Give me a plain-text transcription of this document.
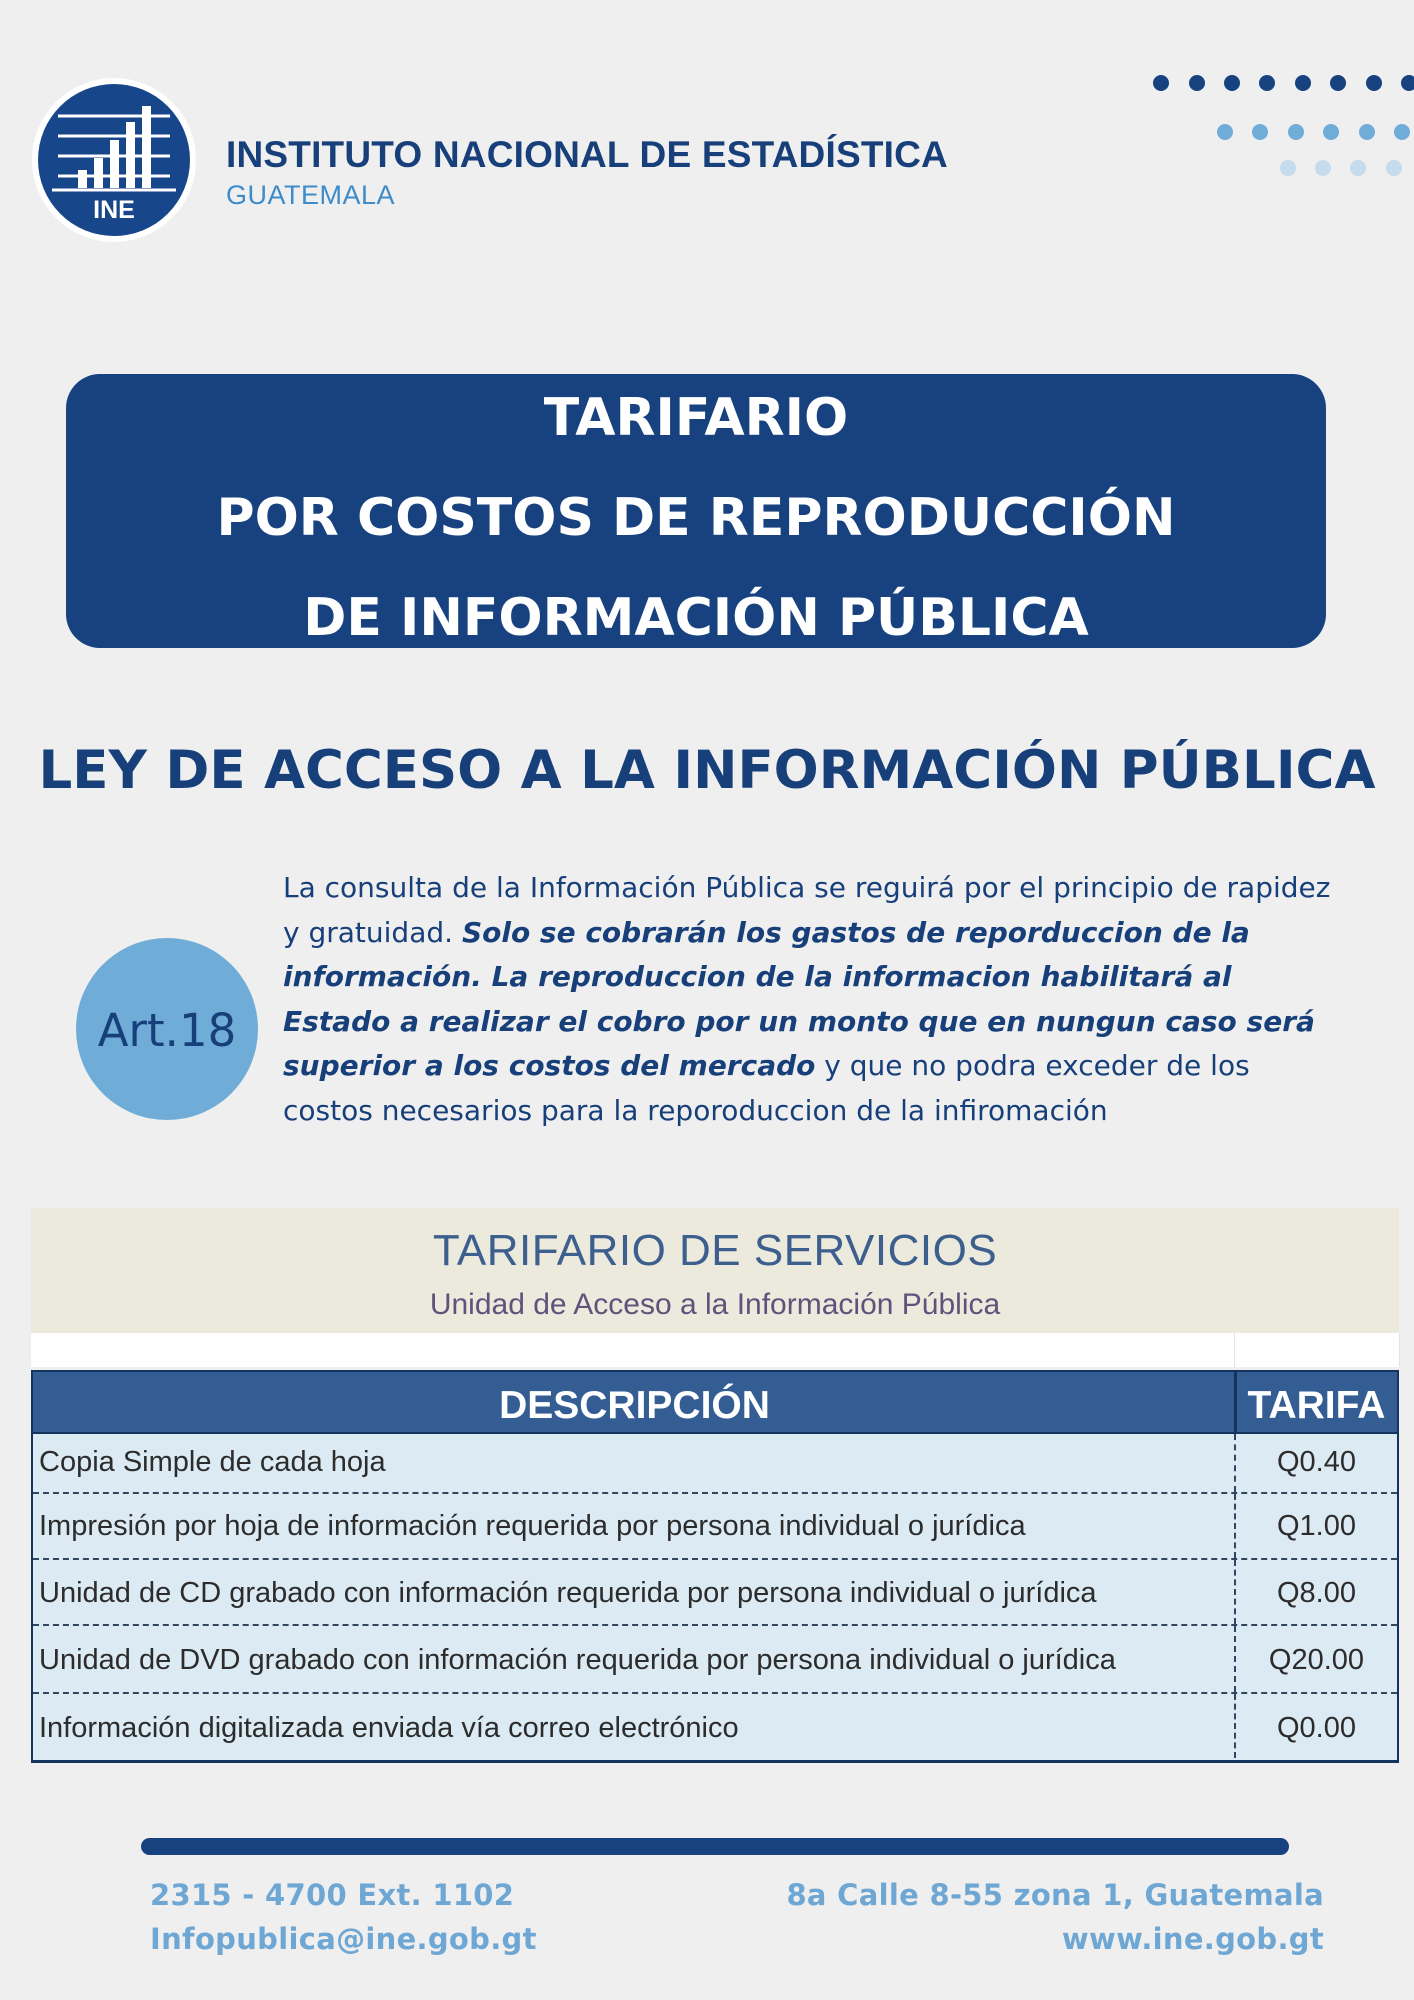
INE
INSTITUTO NACIONAL DE ESTADÍSTICA
GUATEMALA
TARIFARIO
POR COSTOS DE REPRODUCCIÓN
DE INFORMACIÓN PÚBLICA
LEY DE ACCESO A LA INFORMACIÓN PÚBLICA
Art.18
La consulta de la Información Pública se reguirá por el principio de rapidez y gratuidad. Solo se cobrarán los gastos de reporduccion de la información. La reproduccion de la informacion habilitará al Estado a realizar el cobro por un monto que en nungun caso será superior a los costos del mercado y que no podra exceder de los costos necesarios para la reporoduccion de la infiromación
TARIFARIO DE SERVICIOS
Unidad de Acceso a la Información Pública
DESCRIPCIÓN	TARIFA
Copia Simple de cada hoja	Q0.40
Impresión por hoja de información requerida por persona individual o jurídica	Q1.00
Unidad de CD grabado con información requerida por persona individual o jurídica	Q8.00
Unidad de DVD grabado con información requerida por persona individual o jurídica	Q20.00
Información digitalizada enviada vía correo electrónico	Q0.00
2315 - 4700 Ext. 1102
Infopublica@ine.gob.gt
8a Calle 8-55 zona 1, Guatemala
www.ine.gob.gt
